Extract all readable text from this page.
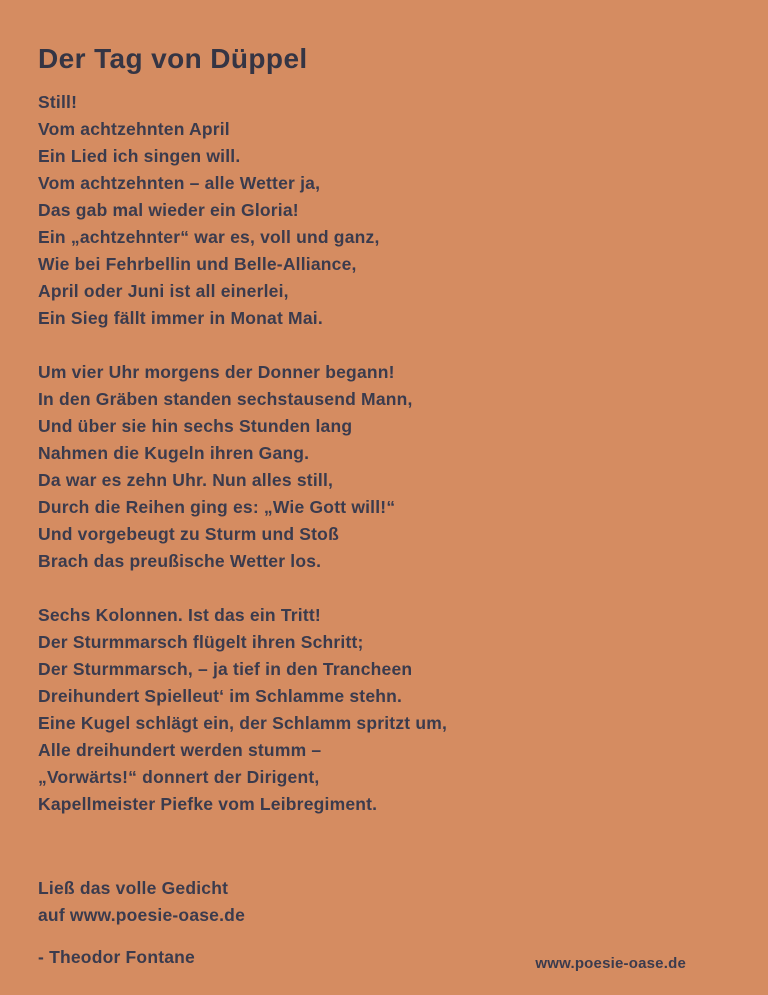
Der Tag von Düppel
Still!
Vom achtzehnten April
Ein Lied ich singen will.
Vom achtzehnten – alle Wetter ja,
Das gab mal wieder ein Gloria!
Ein „achtzehnter“ war es, voll und ganz,
Wie bei Fehrbellin und Belle-Alliance,
April oder Juni ist all einerlei,
Ein Sieg fällt immer in Monat Mai.
Um vier Uhr morgens der Donner begann!
In den Gräben standen sechstausend Mann,
Und über sie hin sechs Stunden lang
Nahmen die Kugeln ihren Gang.
Da war es zehn Uhr. Nun alles still,
Durch die Reihen ging es: „Wie Gott will!“
Und vorgebeugt zu Sturm und Stoß
Brach das preußische Wetter los.
Sechs Kolonnen. Ist das ein Tritt!
Der Sturmmarsch flügelt ihren Schritt;
Der Sturmmarsch, – ja tief in den Trancheen
Dreihundert Spielleut‘ im Schlamme stehn.
Eine Kugel schlägt ein, der Schlamm spritzt um,
Alle dreihundert werden stumm –
„Vorwärts!“ donnert der Dirigent,
Kapellmeister Piefke vom Leibregiment.
Ließ das volle Gedicht
auf www.poesie-oase.de
- Theodor Fontane	www.poesie-oase.de
